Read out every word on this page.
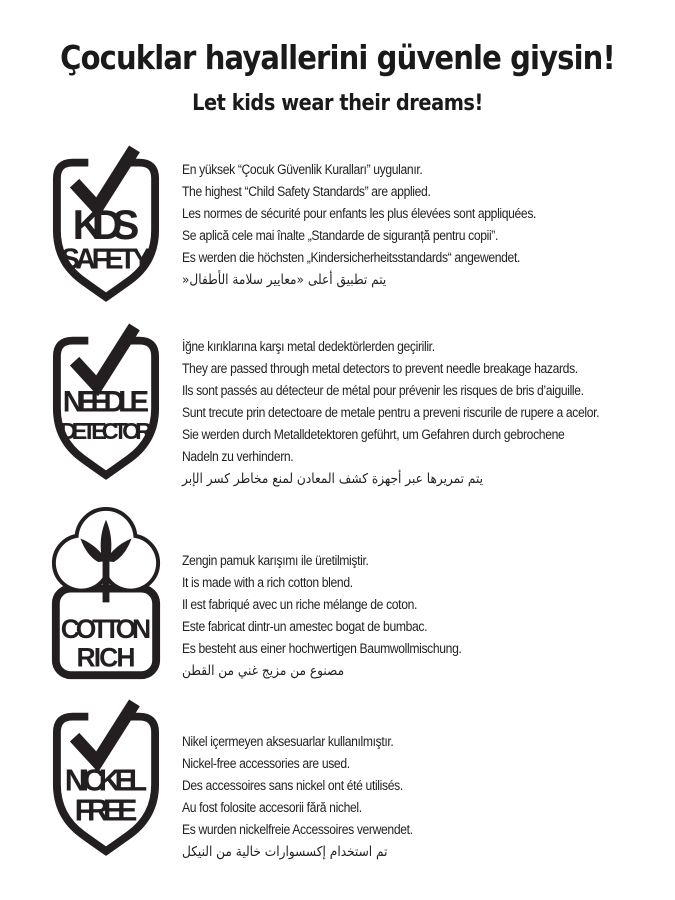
Çocuklar hayallerini güvenle giysin!
Let kids wear their dreams!
KIDS
SAFETY
En yüksek “Çocuk Güvenlik Kuralları” uygulanır.
The highest “Child Safety Standards” are applied.
Les normes de sécurité pour enfants les plus élevées sont appliquées.
Se aplică cele mai înalte „Standarde de siguranță pentru copii”.
Es werden die höchsten „Kindersicherheitsstandards“ angewendet.
يتم تطبيق أعلى «معايير سلامة الأطفال«
NEEDLE
DETECTOR
İğne kırıklarına karşı metal dedektörlerden geçirilir.
They are passed through metal detectors to prevent needle breakage hazards.
Ils sont passés au détecteur de métal pour prévenir les risques de bris d’aiguille.
Sunt trecute prin detectoare de metale pentru a preveni riscurile de rupere a acelor.
Sie werden durch Metalldetektoren geführt, um Gefahren durch gebrochene
Nadeln zu verhindern.
يتم تمريرها عبر أجهزة كشف المعادن لمنع مخاطر كسر الإبر
COTTON
RICH
Zengin pamuk karışımı ile üretilmiştir.
It is made with a rich cotton blend.
Il est fabriqué avec un riche mélange de coton.
Este fabricat dintr-un amestec bogat de bumbac.
Es besteht aus einer hochwertigen Baumwollmischung.
مصنوع من مزيج غني من القطن
NICKEL
FREE
Nikel içermeyen aksesuarlar kullanılmıştır.
Nickel-free accessories are used.
Des accessoires sans nickel ont été utilisés.
Au fost folosite accesorii fără nichel.
Es wurden nickelfreie Accessoires verwendet.
تم استخدام إكسسوارات خالية من النيكل
